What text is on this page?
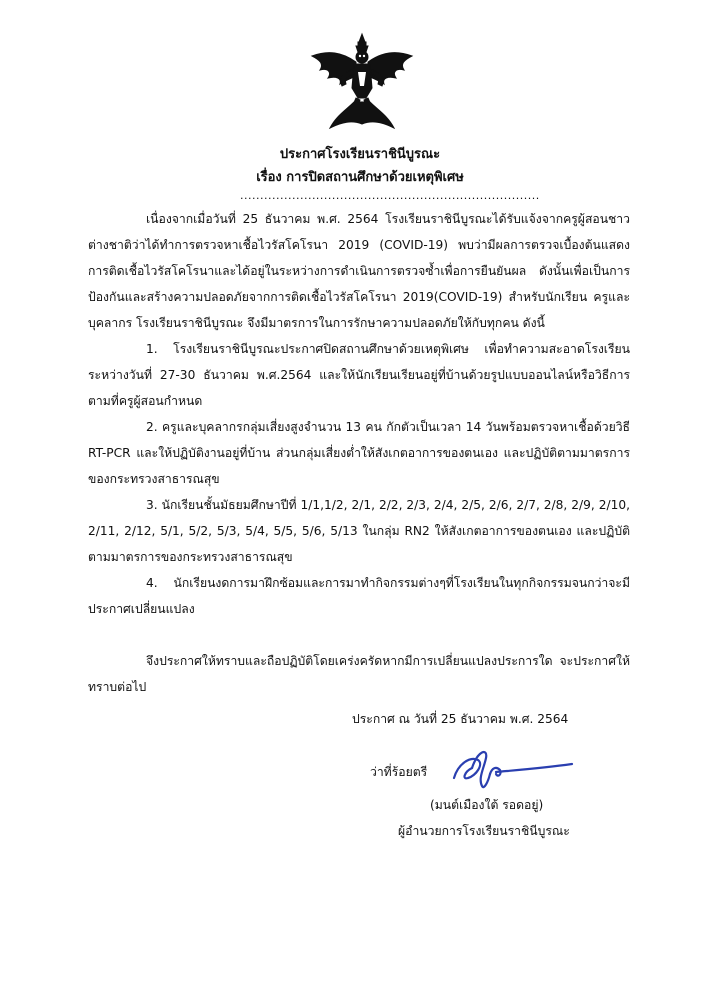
ประกาศโรงเรียนราชินีบูรณะ
เรื่อง การปิดสถานศึกษาด้วยเหตุพิเศษ
...........................................................................
เนื่องจากเมื่อวันที่ 25 ธันวาคม พ.ศ. 2564 โรงเรียนราชินีบูรณะได้รับแจ้งจากครูผู้สอนชาวต่างชาติว่าได้ทำการตรวจหาเชื้อไวรัสโคโรนา 2019 (COVID-19) พบว่ามีผลการตรวจเบื้องต้นแสดงการติดเชื้อไวรัสโคโรนาและได้อยู่ในระหว่างการดำเนินการตรวจซ้ำเพื่อการยืนยันผล ดังนั้นเพื่อเป็นการป้องกันและสร้างความปลอดภัยจากการติดเชื้อไวรัสโคโรนา 2019(COVID-19) สำหรับนักเรียน ครูและบุคลากร โรงเรียนราชินีบูรณะ จึงมีมาตรการในการรักษาความปลอดภัยให้กับทุกคน ดังนี้
1. โรงเรียนราชินีบูรณะประกาศปิดสถานศึกษาด้วยเหตุพิเศษ เพื่อทำความสะอาดโรงเรียนระหว่างวันที่ 27-30 ธันวาคม พ.ศ.2564 และให้นักเรียนเรียนอยู่ที่บ้านด้วยรูปแบบออนไลน์หรือวิธีการตามที่ครูผู้สอนกำหนด
2. ครูและบุคลากรกลุ่มเสี่ยงสูงจำนวน 13 คน กักตัวเป็นเวลา 14 วันพร้อมตรวจหาเชื้อด้วยวิธี RT-PCR และให้ปฏิบัติงานอยู่ที่บ้าน ส่วนกลุ่มเสี่ยงต่ำให้สังเกตอาการของตนเอง และปฏิบัติตามมาตรการของกระทรวงสาธารณสุข
3. นักเรียนชั้นมัธยมศึกษาปีที่ 1/1,1/2, 2/1, 2/2, 2/3, 2/4, 2/5, 2/6, 2/7, 2/8, 2/9, 2/10, 2/11, 2/12, 5/1, 5/2, 5/3, 5/4, 5/5, 5/6, 5/13 ในกลุ่ม RN2 ให้สังเกตอาการของตนเอง และปฏิบัติตามมาตรการของกระทรวงสาธารณสุข
4. นักเรียนงดการมาฝึกซ้อมและการมาทำกิจกรรมต่างๆที่โรงเรียนในทุกกิจกรรมจนกว่าจะมีประกาศเปลี่ยนแปลง
จึงประกาศให้ทราบและถือปฏิบัติโดยเคร่งครัดหากมีการเปลี่ยนแปลงประการใด จะประกาศให้ทราบต่อไป
ประกาศ ณ วันที่ 25 ธันวาคม พ.ศ. 2564
ว่าที่ร้อยตรี
(มนต์เมืองใต้ รอดอยู่)
ผู้อำนวยการโรงเรียนราชินีบูรณะ
